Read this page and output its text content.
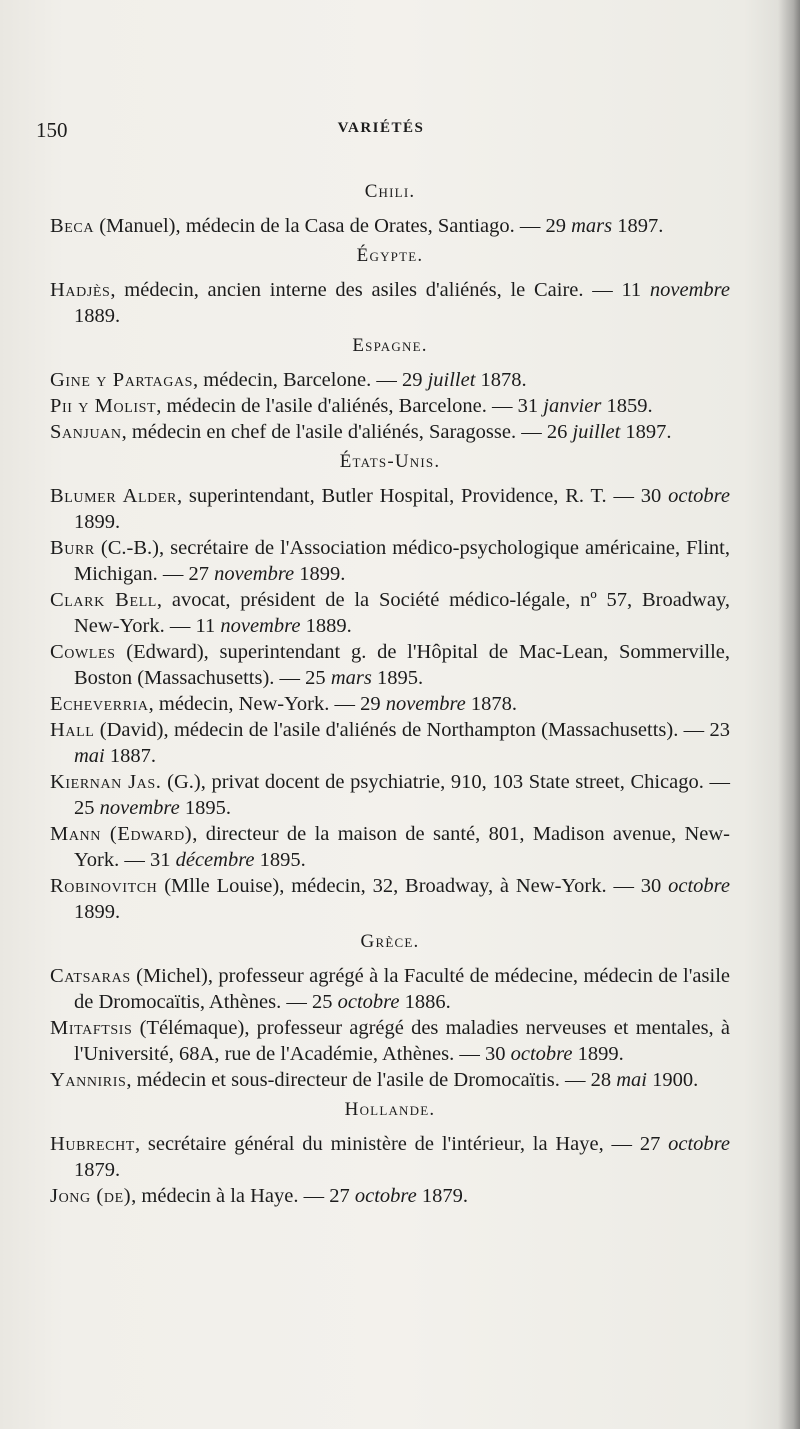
150	VARIÉTÉS
Chili.
Beca (Manuel), médecin de la Casa de Orates, Santiago. — 29 mars 1897.
Égypte.
Hadjès, médecin, ancien interne des asiles d'aliénés, le Caire. — 11 novembre 1889.
Espagne.
Gine y Partagas, médecin, Barcelone. — 29 juillet 1878.
Pii y Molist, médecin de l'asile d'aliénés, Barcelone. — 31 janvier 1859.
Sanjuan, médecin en chef de l'asile d'aliénés, Saragosse. — 26 juillet 1897.
États-Unis.
Blumer Alder, superintendant, Butler Hospital, Providence, R. T. — 30 octobre 1899.
Burr (C.-B.), secrétaire de l'Association médico-psychologique américaine, Flint, Michigan. — 27 novembre 1899.
Clark Bell, avocat, président de la Société médico-légale, nº 57, Broadway, New-York. — 11 novembre 1889.
Cowles (Edward), superintendant g. de l'Hôpital de Mac-Lean, Sommerville, Boston (Massachusetts). — 25 mars 1895.
Echeverria, médecin, New-York. — 29 novembre 1878.
Hall (David), médecin de l'asile d'aliénés de Northampton (Massachusetts). — 23 mai 1887.
Kiernan Jas. (G.), privat docent de psychiatrie, 910, 103 State street, Chicago. — 25 novembre 1895.
Mann (Edward), directeur de la maison de santé, 801, Madison avenue, New-York. — 31 décembre 1895.
Robinovitch (Mlle Louise), médecin, 32, Broadway, à New-York. — 30 octobre 1899.
Grèce.
Catsaras (Michel), professeur agrégé à la Faculté de médecine, médecin de l'asile de Dromocaïtis, Athènes. — 25 octobre 1886.
Mitaftsis (Télémaque), professeur agrégé des maladies nerveuses et mentales, à l'Université, 68A, rue de l'Académie, Athènes. — 30 octobre 1899.
Yanniris, médecin et sous-directeur de l'asile de Dromocaïtis. — 28 mai 1900.
Hollande.
Hubrecht, secrétaire général du ministère de l'intérieur, la Haye, — 27 octobre 1879.
Jong (de), médecin à la Haye. — 27 octobre 1879.
